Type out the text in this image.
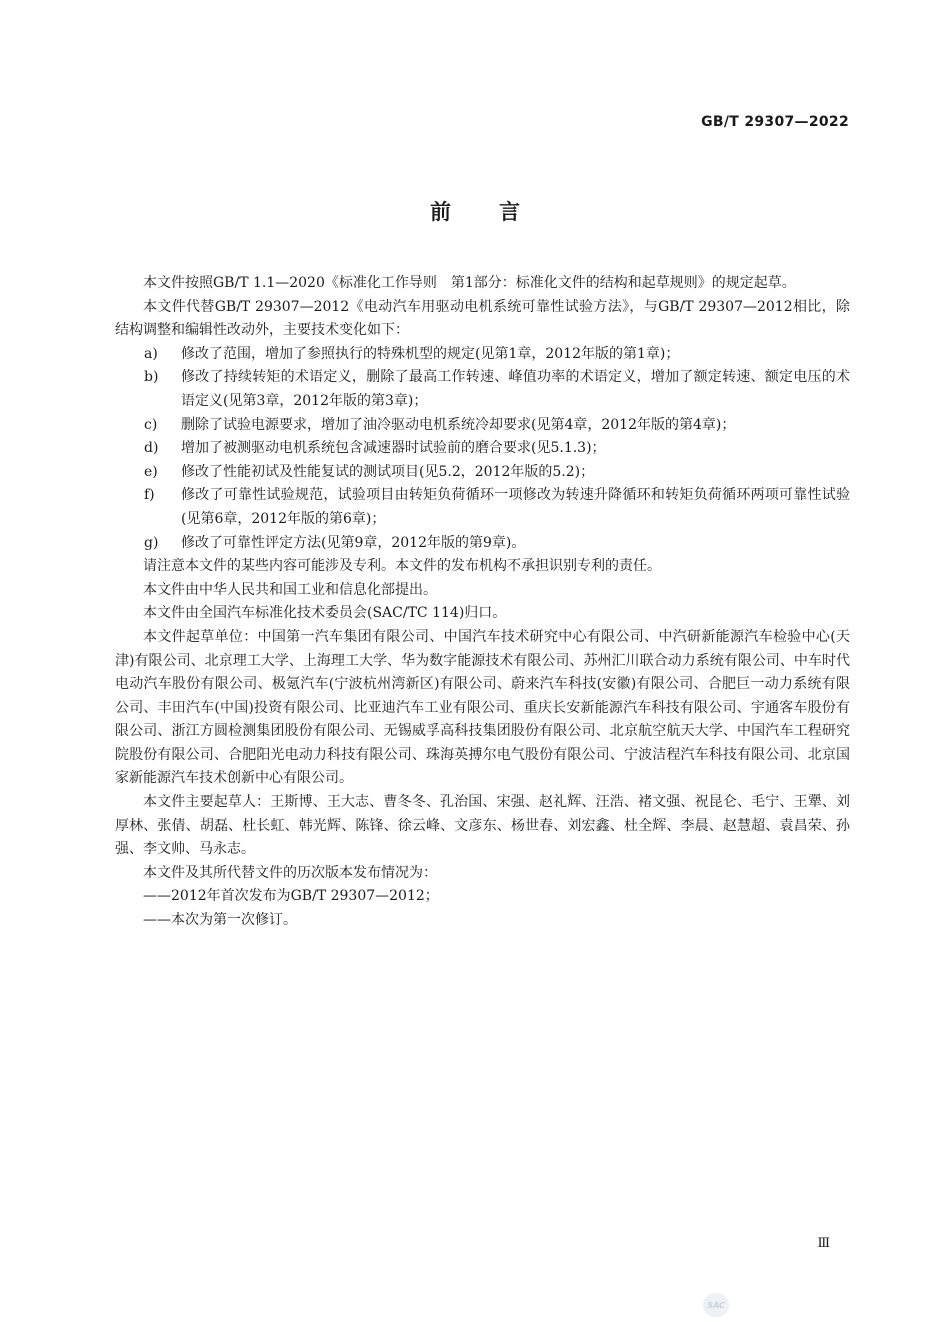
GB/T 29307—2022
前言

本文件按照GB/T 1.1—2020《标准化工作导则　第1部分：标准化文件的结构和起草规则》的规定起草。

本文件代替GB/T 29307—2012《电动汽车用驱动电机系统可靠性试验方法》，与GB/T 29307—2012相比，除结构调整和编辑性改动外，主要技术变化如下：

a)	修改了范围，增加了参照执行的特殊机型的规定(见第1章，2012年版的第1章)；
b)	修改了持续转矩的术语定义，删除了最高工作转速、峰值功率的术语定义，增加了额定转速、额定电压的术语定义(见第3章，2012年版的第3章)；
c)	删除了试验电源要求，增加了油冷驱动电机系统冷却要求(见第4章，2012年版的第4章)；
d)	增加了被测驱动电机系统包含减速器时试验前的磨合要求(见5.1.3)；
e)	修改了性能初试及性能复试的测试项目(见5.2，2012年版的5.2)；
f)	修改了可靠性试验规范，试验项目由转矩负荷循环一项修改为转速升降循环和转矩负荷循环两项可靠性试验(见第6章，2012年版的第6章)；
g)	修改了可靠性评定方法(见第9章，2012年版的第9章)。

请注意本文件的某些内容可能涉及专利。本文件的发布机构不承担识别专利的责任。

本文件由中华人民共和国工业和信息化部提出。

本文件由全国汽车标准化技术委员会(SAC/TC 114)归口。

本文件起草单位：中国第一汽车集团有限公司、中国汽车技术研究中心有限公司、中汽研新能源汽车检验中心(天津)有限公司、北京理工大学、上海理工大学、华为数字能源技术有限公司、苏州汇川联合动力系统有限公司、中车时代电动汽车股份有限公司、极氪汽车(宁波杭州湾新区)有限公司、蔚来汽车科技(安徽)有限公司、合肥巨一动力系统有限公司、丰田汽车(中国)投资有限公司、比亚迪汽车工业有限公司、重庆长安新能源汽车科技有限公司、宇通客车股份有限公司、浙江方圆检测集团股份有限公司、无锡威孚高科技集团股份有限公司、北京航空航天大学、中国汽车工程研究院股份有限公司、合肥阳光电动力科技有限公司、珠海英搏尔电气股份有限公司、宁波洁程汽车科技有限公司、北京国家新能源汽车技术创新中心有限公司。

本文件主要起草人：王斯博、王大志、曹冬冬、孔治国、宋强、赵礼辉、汪浩、褚文强、祝昆仑、毛宁、王犟、刘厚林、张倩、胡磊、杜长虹、韩光辉、陈锋、徐云峰、文彦东、杨世春、刘宏鑫、杜全辉、李晨、赵慧超、袁昌荣、孙强、李文帅、马永志。

本文件及其所代替文件的历次版本发布情况为：

——2012年首次发布为GB/T 29307—2012；

——本次为第一次修订。

Ⅲ
SAC
